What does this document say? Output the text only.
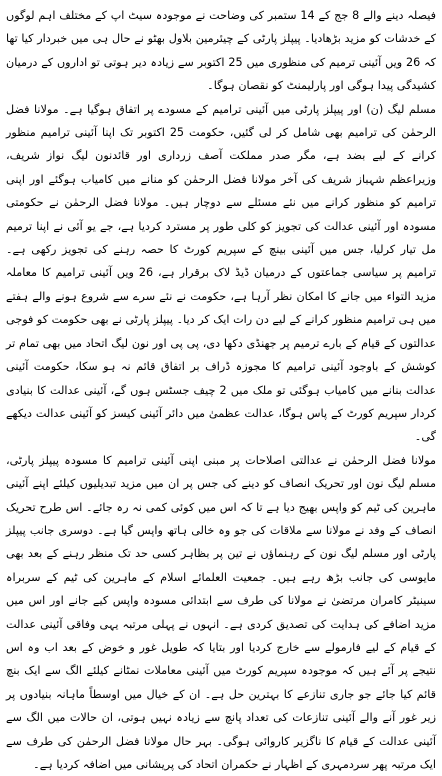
فیصلہ دینے والے 8 جج کے 14 ستمبر کی وضاحت نے موجودہ سیٹ اپ کے مختلف اہم لوگوں کے خدشات کو مزید بڑھادیا۔ پیپلز پارٹی کے چیئرمین بلاول بھٹو نے حال ہی میں خبردار کیا تھا کہ 26 ویں آئینی ترمیم کی منظوری میں 25 اکتوبر سے زیادہ دیر ہوتی تو اداروں کے درمیان کشیدگی پیدا ہوگی اور پارلیمنٹ کو نقصان ہوگا۔

مسلم لیگ (ن) اور پیپلز پارٹی میں آئینی ترامیم کے مسودے پر اتفاق ہوگیا ہے۔ مولانا فضل الرحمٰن کی ترامیم بھی شامل کر لی گئیں، حکومت 25 اکتوبر تک اپنا آئینی ترامیم منظور کرانے کے لیے بضد ہے، مگر صدر مملکت آصف زرداری اور قائدنون لیگ نواز شریف، وزیراعظم شہباز شریف کی آخر مولانا فضل الرحمٰن کو منانے میں کامیاب ہوگئے اور اپنی ترامیم کو منظور کرانے میں نئے مسئلے سے دوچار ہیں۔ مولانا فضل الرحمٰن نے حکومتی مسودہ اور آئینی عدالت کی تجویز کو کلی طور پر مسترد کردیا ہے، جے یو آئی نے اپنا ترمیم مل تیار کرلیا، جس میں آئینی بینچ کے سپریم کورٹ کا حصہ رہنے کی تجویز رکھی ہے۔ ترامیم پر سیاسی جماعتوں کے درمیان ڈیڈ لاک برقرار ہے، 26 ویں آئینی ترامیم کا معاملہ مزید التواء میں جانے کا امکان نظر آرہا ہے، حکومت نے نئے سرے سے شروع ہونے والے ہفتے میں ہی ترامیم منظور کرانے کے لیے دن رات ایک کر دیا۔ پیپلز پارٹی نے بھی حکومت کو فوجی عدالتوں کے قیام کے بارے ترمیم پر جھنڈی دکھا دی، پی پی اور نون لیگ اتحاد میں بھی تمام تر کوشش کے باوجود آئینی ترامیم کا مجوزہ ڈراف بر اتفاق قائم نہ ہو سکا، حکومت آئینی عدالت بنانے میں کامیاب ہوگئی تو ملک میں 2 چیف جسٹس ہوں گے، آئینی عدالت کا بنیادی کردار سپریم کورٹ کے پاس ہوگا، عدالت عظمیٰ میں دائر آئینی کیسز کو آئینی عدالت دیکھے گی۔

مولانا فضل الرحمٰن نے عدالتی اصلاحات پر مبنی اپنی آئینی ترامیم کا مسودہ پیپلز پارٹی، مسلم لیگ نون اور تحریک انصاف کو دینے کی جس پر ان میں مزید تبدیلیوں کیلئے اپنے آئینی ماہرین کی ٹیم کو واپس بھیج دیا ہے تا کہ اس میں کوئی کمی نہ رہ جائے۔ اس طرح تحریک انصاف کے وفد نے مولانا سے ملاقات کی جو وہ خالی ہاتھ واپس گیا ہے۔ دوسری جانب پیپلز پارٹی اور مسلم لیگ نون کے رہنماؤں نے تین پر بظاہر کسی حد تک منظر رہنے کے بعد بھی مایوسی کی جانب بڑھ رہے ہیں۔ جمعیت العلمائے اسلام کے ماہرین کی ٹیم کے سربراہ سینیٹر کامران مرتضیٰ نے مولانا کی طرف سے ابتدائی مسودہ واپس کیے جانے اور اس میں مزید اضافے کی ہدایت کی تصدیق کردی ہے۔ انہوں نے پہلی مرتبہ یہی وفاقی آئینی عدالت کے قیام کے لیے فارمولے سے خارج کردیا اور بتایا کہ طویل غور و خوض کے بعد اب وہ اس نتیجے پر آئے ہیں کہ موجودہ سپریم کورٹ میں آئینی معاملات نمٹانے کیلئے الگ سے ایک بنچ قائم کیا جائے جو جاری تنازعے کا بہترین حل ہے۔ ان کے خیال میں اوسطاً ماہانہ بنیادوں پر زیر غور آنے والے آئینی تنازعات کی تعداد پانچ سے زیادہ نہیں ہوتی، ان حالات میں الگ سے آئینی عدالت کے قیام کا ناگزیر کاروائی ہوگی۔ بہر حال مولانا فضل الرحمٰن کی طرف سے ایک مرتبہ پھر سردمہری کے اظہار نے حکمران اتحاد کی پریشانی میں اضافہ کردیا ہے۔
